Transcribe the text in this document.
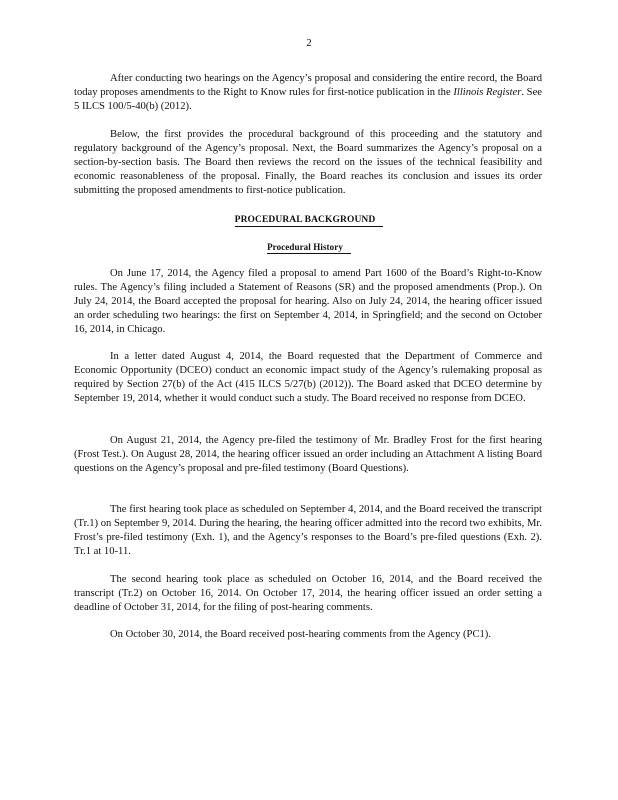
2
After conducting two hearings on the Agency’s proposal and considering the entire record, the Board today proposes amendments to the Right to Know rules for first-notice publication in the Illinois Register. See 5 ILCS 100/5-40(b) (2012).
Below, the first provides the procedural background of this proceeding and the statutory and regulatory background of the Agency’s proposal. Next, the Board summarizes the Agency’s proposal on a section-by-section basis. The Board then reviews the record on the issues of the technical feasibility and economic reasonableness of the proposal. Finally, the Board reaches its conclusion and issues its order submitting the proposed amendments to first-notice publication.
PROCEDURAL BACKGROUND
Procedural History
On June 17, 2014, the Agency filed a proposal to amend Part 1600 of the Board’s Right-to-Know rules. The Agency’s filing included a Statement of Reasons (SR) and the proposed amendments (Prop.). On July 24, 2014, the Board accepted the proposal for hearing. Also on July 24, 2014, the hearing officer issued an order scheduling two hearings: the first on September 4, 2014, in Springfield; and the second on October 16, 2014, in Chicago.
In a letter dated August 4, 2014, the Board requested that the Department of Commerce and Economic Opportunity (DCEO) conduct an economic impact study of the Agency’s rulemaking proposal as required by Section 27(b) of the Act (415 ILCS 5/27(b) (2012)). The Board asked that DCEO determine by September 19, 2014, whether it would conduct such a study. The Board received no response from DCEO.
On August 21, 2014, the Agency pre-filed the testimony of Mr. Bradley Frost for the first hearing (Frost Test.). On August 28, 2014, the hearing officer issued an order including an Attachment A listing Board questions on the Agency’s proposal and pre-filed testimony (Board Questions).
The first hearing took place as scheduled on September 4, 2014, and the Board received the transcript (Tr.1) on September 9, 2014. During the hearing, the hearing officer admitted into the record two exhibits, Mr. Frost’s pre-filed testimony (Exh. 1), and the Agency’s responses to the Board’s pre-filed questions (Exh. 2). Tr.1 at 10-11.
The second hearing took place as scheduled on October 16, 2014, and the Board received the transcript (Tr.2) on October 16, 2014. On October 17, 2014, the hearing officer issued an order setting a deadline of October 31, 2014, for the filing of post-hearing comments.
On October 30, 2014, the Board received post-hearing comments from the Agency (PC1).
